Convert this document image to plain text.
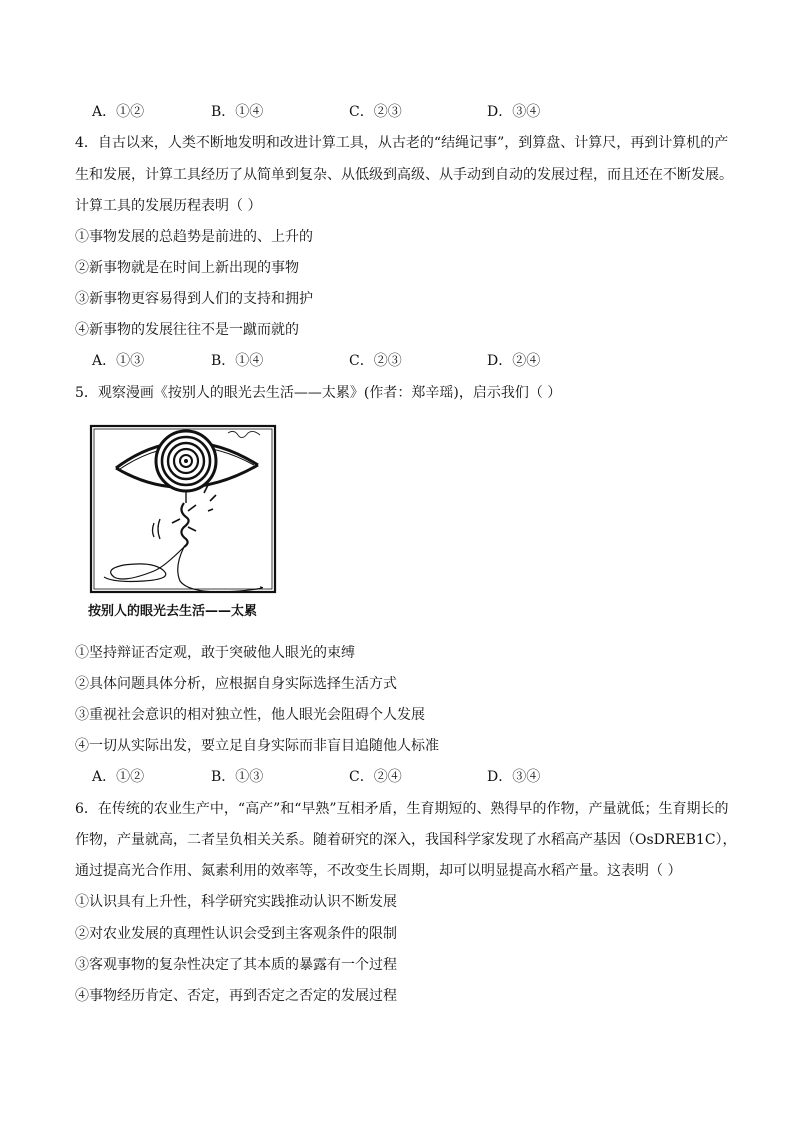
A．①②	B．①④	C．②③	D．③④
4．自古以来，人类不断地发明和改进计算工具，从古老的“结绳记事”，到算盘、计算尺，再到计算机的产
生和发展，计算工具经历了从简单到复杂、从低级到高级、从手动到自动的发展过程，而且还在不断发展。
计算工具的发展历程表明（ ）
①事物发展的总趋势是前进的、上升的
②新事物就是在时间上新出现的事物
③新事物更容易得到人们的支持和拥护
④新事物的发展往往不是一蹴而就的
A．①③	B．①④	C．②③	D．②④
5．观察漫画《按别人的眼光去生活——太累》(作者：郑辛瑶)，启示我们（ ）
按别人的眼光去生活——太累
①坚持辩证否定观，敢于突破他人眼光的束缚
②具体问题具体分析，应根据自身实际选择生活方式
③重视社会意识的相对独立性，他人眼光会阻碍个人发展
④一切从实际出发，要立足自身实际而非盲目追随他人标准
A．①②	B．①③	C．②④	D．③④
6．在传统的农业生产中，“高产”和“早熟”互相矛盾，生育期短的、熟得早的作物，产量就低；生育期长的
作物，产量就高，二者呈负相关关系。随着研究的深入，我国科学家发现了水稻高产基因（OsDREB1C），
通过提高光合作用、氮素利用的效率等，不改变生长周期，却可以明显提高水稻产量。这表明（ ）
①认识具有上升性，科学研究实践推动认识不断发展
②对农业发展的真理性认识会受到主客观条件的限制
③客观事物的复杂性决定了其本质的暴露有一个过程
④事物经历肯定、否定，再到否定之否定的发展过程
